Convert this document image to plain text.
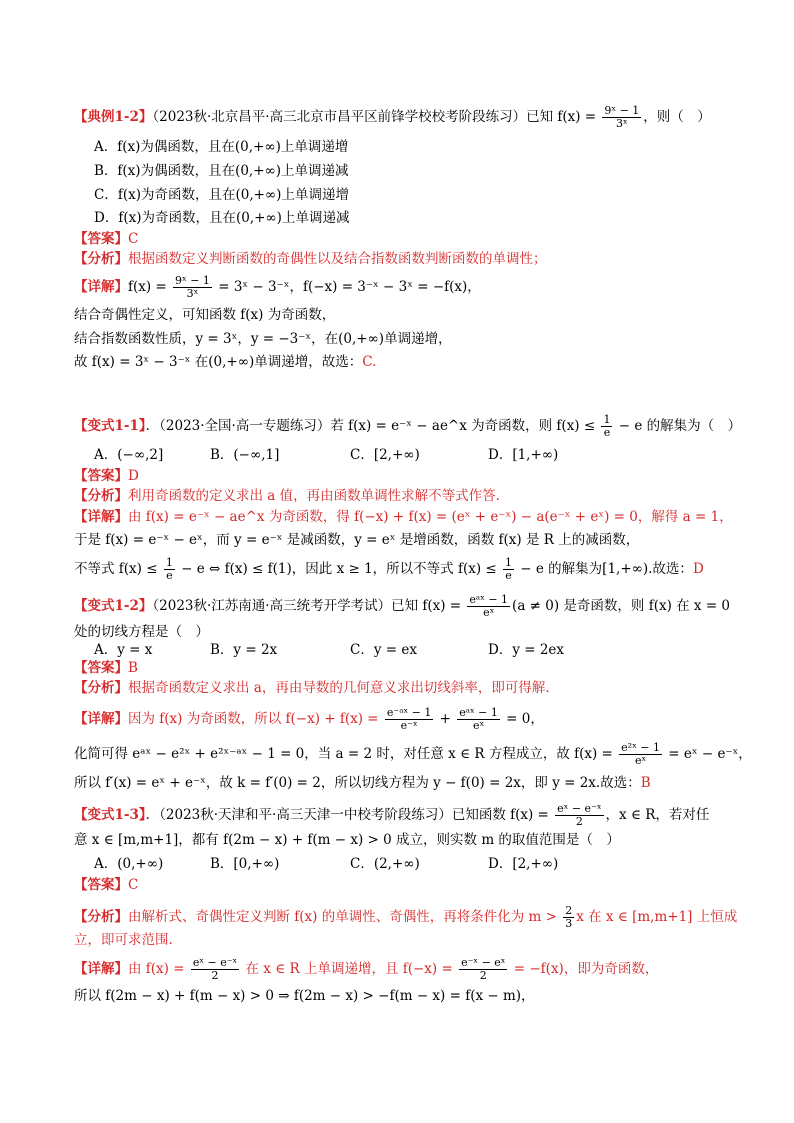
【典例1-2】（2023秋·北京昌平·高三北京市昌平区前锋学校校考阶段练习）已知 $f(x) = \frac{\text{9ˣ − 1}}{\text{3ˣ}}$ ，则（　）
A．f(x)为偶函数，且在(0,+∞)上单调递增
B．f(x)为偶函数，且在(0,+∞)上单调递减
C．f(x)为奇函数，且在(0,+∞)上单调递增
D．f(x)为奇函数，且在(0,+∞)上单调递减
【答案】C
【分析】根据函数定义判断函数的奇偶性以及结合指数函数判断函数的单调性；
【详解】$f(x) = \frac{\text{9ˣ − 1}}{\text{3ˣ}}$ = 3ˣ − 3⁻ˣ，f(−x) = 3⁻ˣ − 3ˣ = −f(x)，
结合奇偶性定义，可知函数 f(x) 为奇函数，
结合指数函数性质，y = 3ˣ，y = −3⁻ˣ，在(0,+∞)单调递增，
故 f(x) = 3ˣ − 3⁻ˣ 在(0,+∞)单调递增，故选：C.
【变式1-1】．（2023·全国·高一专题练习）若 f(x) = e⁻ˣ − ae^x 为奇函数，则 $f(x) \le \frac{1}{e} - e$ 的解集为（　）
A．(−∞,2]	B．(−∞,1]	C．[2,+∞)	D．[1,+∞)
【答案】D
【分析】利用奇函数的定义求出 a 值，再由函数单调性求解不等式作答.
【详解】由 f(x) = e⁻ˣ − ae^x 为奇函数，得 f(−x) + f(x) = (eˣ + e⁻ˣ) − a(e⁻ˣ + eˣ) = 0，解得 a = 1，
于是 f(x) = e⁻ˣ − eˣ，而 y = e⁻ˣ 是减函数，y = eˣ 是增函数，函数 f(x) 是 R 上的减函数，
不等式 $f(x) \le \frac{1}{e} - e$ ⇔ f(x) ≤ f(1)，因此 x ≥ 1，所以不等式 $f(x) \le \frac{1}{e} - e$ 的解集为[1,+∞).故选：D
【变式1-2】（2023秋·江苏南通·高三统考开学考试）已知 $f(x) = \frac{\text{eᵃˣ − 1}}{\text{eˣ}} (a \ne 0)$ 是奇函数，则 f(x) 在 x = 0
处的切线方程是（　）
A．y = x	B．y = 2x	C．y = ex	D．y = 2ex
【答案】B
【分析】根据奇函数定义求出 a，再由导数的几何意义求出切线斜率，即可得解.
【详解】因为 f(x) 为奇函数，所以 $f(-x) + f(x) = \frac{\text{e⁻ᵃˣ − 1}}{\text{e⁻ˣ}} + \frac{\text{eᵃˣ − 1}}{\text{eˣ}} = 0$，
化简可得 eᵃˣ − e²ˣ + e²ˣ⁻ᵃˣ − 1 = 0，当 a = 2 时，对任意 x ∈ R 方程成立，故 $f(x) = \frac{\text{e²ˣ − 1}}{\text{eˣ}}$ = eˣ − e⁻ˣ，
所以 f′(x) = eˣ + e⁻ˣ，故 k = f′(0) = 2，所以切线方程为 y − f(0) = 2x，即 y = 2x.故选：B
【变式1-3】．（2023秋·天津和平·高三天津一中校考阶段练习）已知函数 $f(x) = \frac{\text{eˣ − e⁻ˣ}}{2}$ ，x ∈ R，若对任
意 x ∈ [m,m+1]，都有 f(2m − x) + f(m − x) > 0 成立，则实数 m 的取值范围是（　）
A．(0,+∞)	B．[0,+∞)	C．(2,+∞)	D．[2,+∞)
【答案】C
【分析】由解析式、奇偶性定义判断 f(x) 的单调性、奇偶性，再将条件化为 $m > \frac{2}{3}$ x 在 x ∈ [m,m+1] 上恒成
立，即可求范围.
【详解】由 $f(x) = \frac{\text{eˣ − e⁻ˣ}}{2}$ 在 x ∈ R 上单调递增，且 $f(-x) = \frac{\text{e⁻ˣ − eˣ}}{2} = -f(x)$，即为奇函数，
所以 f(2m − x) + f(m − x) > 0 ⇒ f(2m − x) > −f(m − x) = f(x − m)，
